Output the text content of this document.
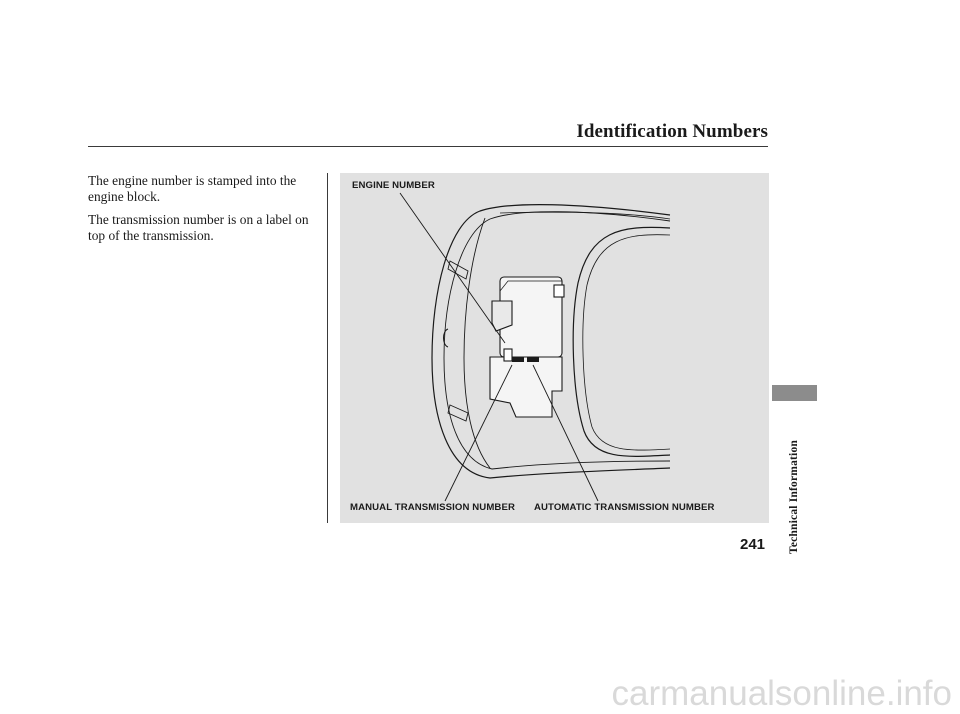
Identification Numbers
The engine number is stamped into the engine block.
The transmission number is on a label on top of the transmission.
ENGINE NUMBER
MANUAL TRANSMISSION NUMBER AUTOMATIC TRANSMISSION NUMBER	Technical Information
241
carmanualsonline.info
